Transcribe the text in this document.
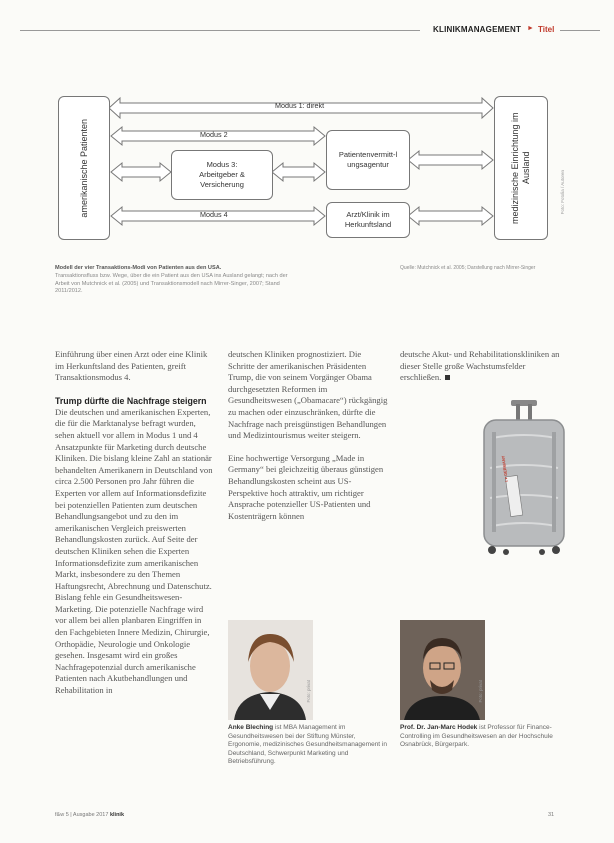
KLINIKMANAGEMENT ► Titel
amerikanische Patienten	medizinische Einrichtung im Ausland
Modus 1: direkt
Modus 2
Modus 3: Arbeitgeber & Versicherung
Patientenvermitt-lungsagentur
Modus 4	Arzt/Klinik im Herkunftsland
Foto: Fotolia / Autoren
Modell der vier Transaktions-Modi von Patienten aus den USA.
Transaktionsfluss bzw. Wege, über die ein Patient aus den USA ins Ausland gelangt; nach der Arbeit von Mutchnick et al. (2005) und Transaktionsmodell nach Mirrer-Singer, 2007; Stand 2011/2012.
Quelle: Mutchnick et al. 2005; Darstellung nach Mirrer-Singer

Einführung über einen Arzt oder eine Klinik im Herkunftsland des Patienten, greift Transaktionsmodus 4.

Trump dürfte die Nachfrage steigern

Die deutschen und amerikanischen Experten, die für die Marktanalyse befragt wurden, sehen aktuell vor allem in Modus 1 und 4 Ansatzpunkte für Marketing durch deutsche Kliniken. Die bislang kleine Zahl an stationär behandelten Amerikanern in Deutschland von circa 2.500 Personen pro Jahr führen die Experten vor allem auf Informationsdefizite bei potenziellen Patienten zum deutschen Behandlungsangebot und zu den im amerikanischen Vergleich preiswerten Behandlungskosten zurück. Auf Seite der deutschen Kliniken sehen die Experten Informationsdefizite zum amerikanischen Markt, insbesondere zu den Themen Haftungsrecht, Abrechnung und Datenschutz. Bislang fehle ein Gesundheitswesen-Marketing. Die potenzielle Nachfrage wird vor allem bei allen planbaren Eingriffen in den Fachgebieten Innere Medizin, Chirurgie, Orthopädie, Neurologie und Onkologie gesehen. Insgesamt wird ein großes Nachfragepotenzial durch amerikanische Patienten nach Akutbehandlungen und Rehabilitation in

deutschen Kliniken prognostiziert. Die Schritte der amerikanischen Präsidenten Trump, die von seinem Vorgänger Obama durchgesetzten Reformen im Gesundheitswesen („Obamacare“) rückgängig zu machen oder einzuschränken, dürfte die Nachfrage nach preisgünstigen Behandlungen und Medizintourismus weiter steigern.

Eine hochwertige Versorgung „Made in Germany“ bei gleichzeitig überaus günstigen Behandlungskosten scheint aus US-Perspektive hoch attraktiv, um richtiger Ansprache potenzieller US-Patienten und Kostenträgern können

deutsche Akut- und Rehabilitationskliniken an dieser Stelle große Wachstumsfelder erschließen.

I ♥ GERMANY
Foto: privat
Anke Bleching ist MBA Management im Gesundheitswesen bei der Stiftung Münster, Ergonomie, medizinisches Gesundheitsmanagement in Deutschland, Schwerpunkt Marketing und Betriebsführung.
Foto: privat
Prof. Dr. Jan-Marc Hodek ist Professor für Finance-Controlling im Gesundheitswesen an der Hochschule Osnabrück, Bürgerpark.
f&w 5 | Ausgabe 2017 klinik	31
